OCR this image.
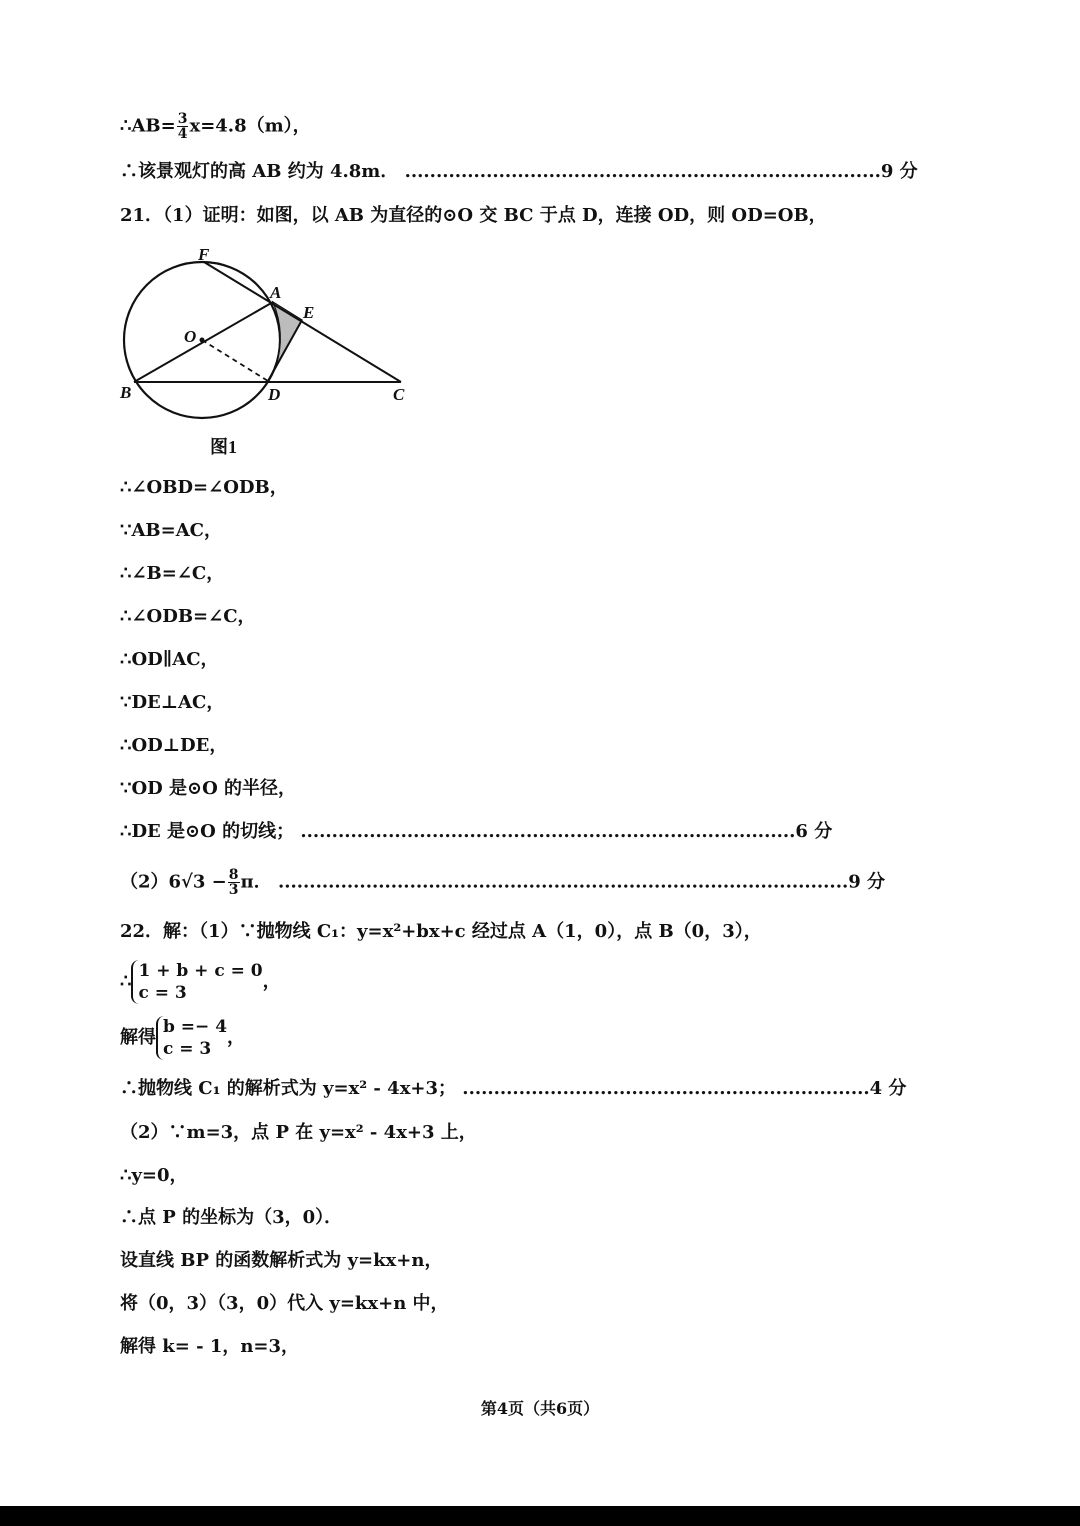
∴AB= $\frac{3}{4} x=4.8(m)$，
∴该景观灯的高 AB 约为 4.8m． ............................................................................9 分
21．（1）证明：如图，以 AB 为直径的⊙O 交 BC 于点 D，连接 OD，则 OD=OB，
F
A
E
O
B	D	C
图1
∴∠OBD=∠ODB，
∵AB=AC，
∴∠B=∠C，
∴∠ODB=∠C，
∴OD∥AC，
∵DE⊥AC，
∴OD⊥DE，
∵OD 是⊙O 的半径，
∴DE 是⊙O 的切线； ...............................................................................6 分
$(2)6√3 - \frac{8}{3}$ π． ...........................................................................................9 分
22．解：（1）∵抛物线 C₁：y=x²+bx+c 经过点 A（1，0），点 B（0，3），
∴ 1 + b + c = 0
c = 3
，
解得 b =− 4
c = 3
，
∴抛物线 C₁ 的解析式为 y=x² - 4x+3； .................................................................4 分
（2）∵m=3，点 P 在 y=x² - 4x+3 上，
∴y=0，
∴点 P 的坐标为（3，0）．
设直线 BP 的函数解析式为 y=kx+n，
将（0，3）（3，0）代入 y=kx+n 中，
解得 k= - 1，n=3，
第4页（共6页）
